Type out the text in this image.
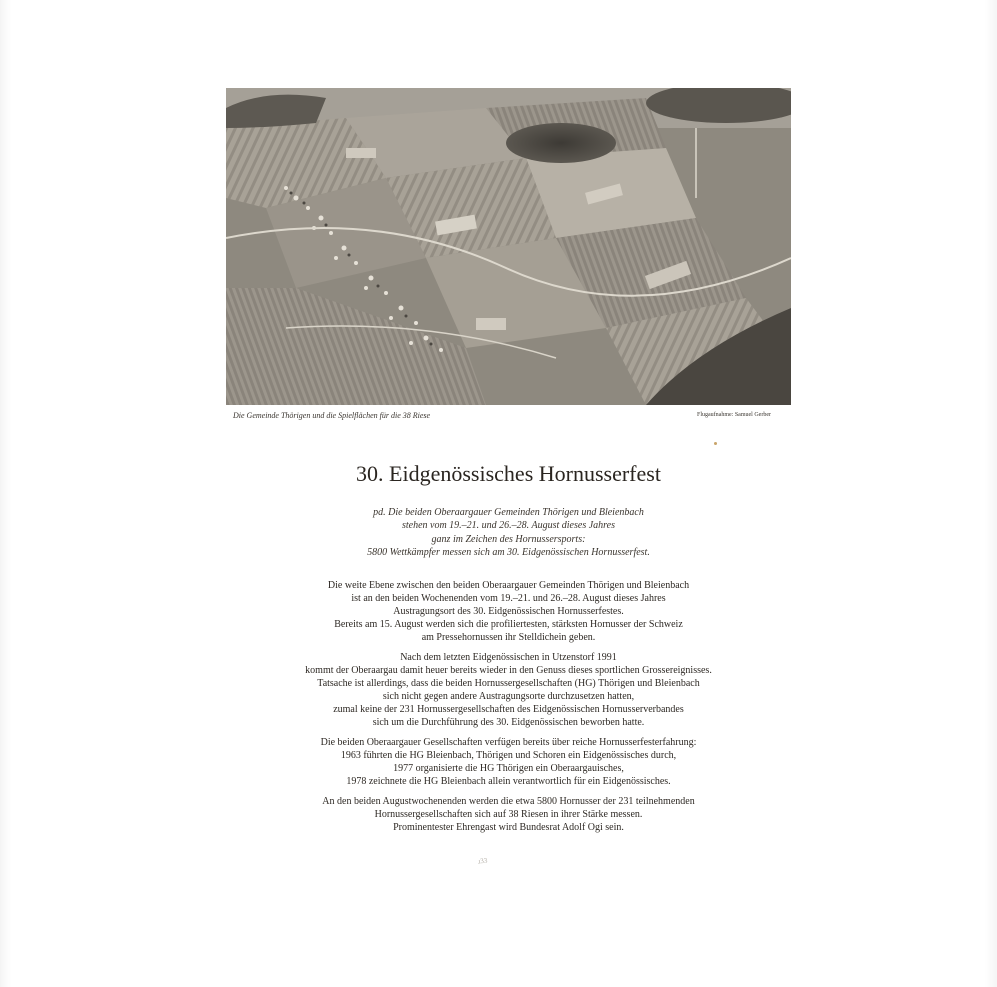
Die Gemeinde Thörigen und die Spielflächen für die 38 Riese	Flugaufnahme: Samuel Gerber
30. Eidgenössisches Hornusserfest
pd. Die beiden Oberaargauer Gemeinden Thörigen und Bleienbach
stehen vom 19.–21. und 26.–28. August dieses Jahres
ganz im Zeichen des Hornussersports:
5800 Wettkämpfer messen sich am 30. Eidgenössischen Hornusserfest.
Die weite Ebene zwischen den beiden Oberaargauer Gemeinden Thörigen und Bleienbach
ist an den beiden Wochenenden vom 19.–21. und 26.–28. August dieses Jahres
Austragungsort des 30. Eidgenössischen Hornusserfestes.
Bereits am 15. August werden sich die profiliertesten, stärksten Hornusser der Schweiz
am Pressehornussen ihr Stelldichein geben.
Nach dem letzten Eidgenössischen in Utzenstorf 1991
kommt der Oberaargau damit heuer bereits wieder in den Genuss dieses sportlichen Grossereignisses.
Tatsache ist allerdings, dass die beiden Hornussergesellschaften (HG) Thörigen und Bleienbach
sich nicht gegen andere Austragungsorte durchzusetzen hatten,
zumal keine der 231 Hornussergesellschaften des Eidgenössischen Hornusserverbandes
sich um die Durchführung des 30. Eidgenössischen beworben hatte.
Die beiden Oberaargauer Gesellschaften verfügen bereits über reiche Hornusserfesterfahrung:
1963 führten die HG Bleienbach, Thörigen und Schoren ein Eidgenössisches durch,
1977 organisierte die HG Thörigen ein Oberaargauisches,
1978 zeichnete die HG Bleienbach allein verantwortlich für ein Eidgenössisches.
An den beiden Augustwochenenden werden die etwa 5800 Hornusser der 231 teilnehmenden
Hornussergesellschaften sich auf 38 Riesen in ihrer Stärke messen.
Prominentester Ehrengast wird Bundesrat Adolf Ogi sein.
ɹ33
